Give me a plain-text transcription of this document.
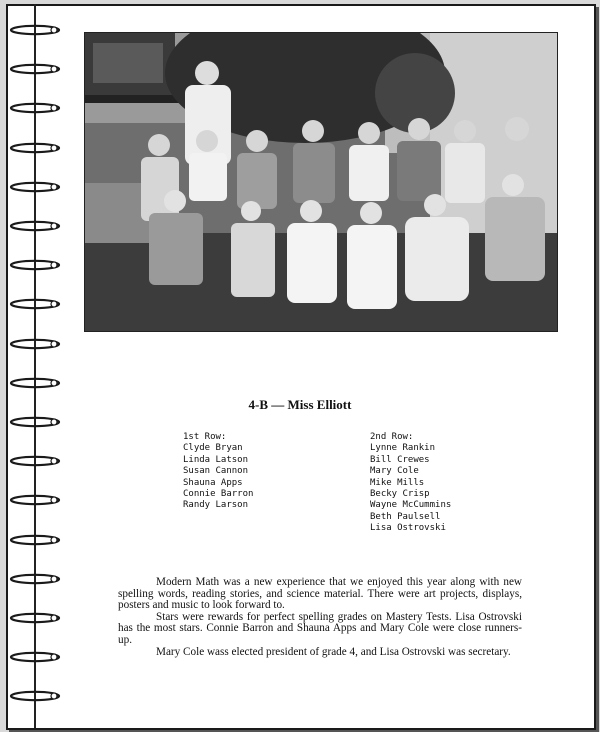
4-B — Miss Elliott
1st Row:
Clyde Bryan
Linda Latson
Susan Cannon
Shauna Apps
Connie Barron
Randy Larson
2nd Row:
Lynne Rankin
Bill Crewes
Mary Cole
Mike Mills
Becky Crisp
Wayne McCummins
Beth Paulsell
Lisa Ostrovski

Modern Math was a new experience that we enjoyed this year along with new spelling words, reading stories, and science material. There were art projects, displays, posters and music to look forward to.

Stars were rewards for perfect spelling grades on Mastery Tests. Lisa Ostrovski has the most stars. Connie Barron and Shauna Apps and Mary Cole were close runners-up.

Mary Cole wass elected president of grade 4, and Lisa Ostrovski was secretary.
